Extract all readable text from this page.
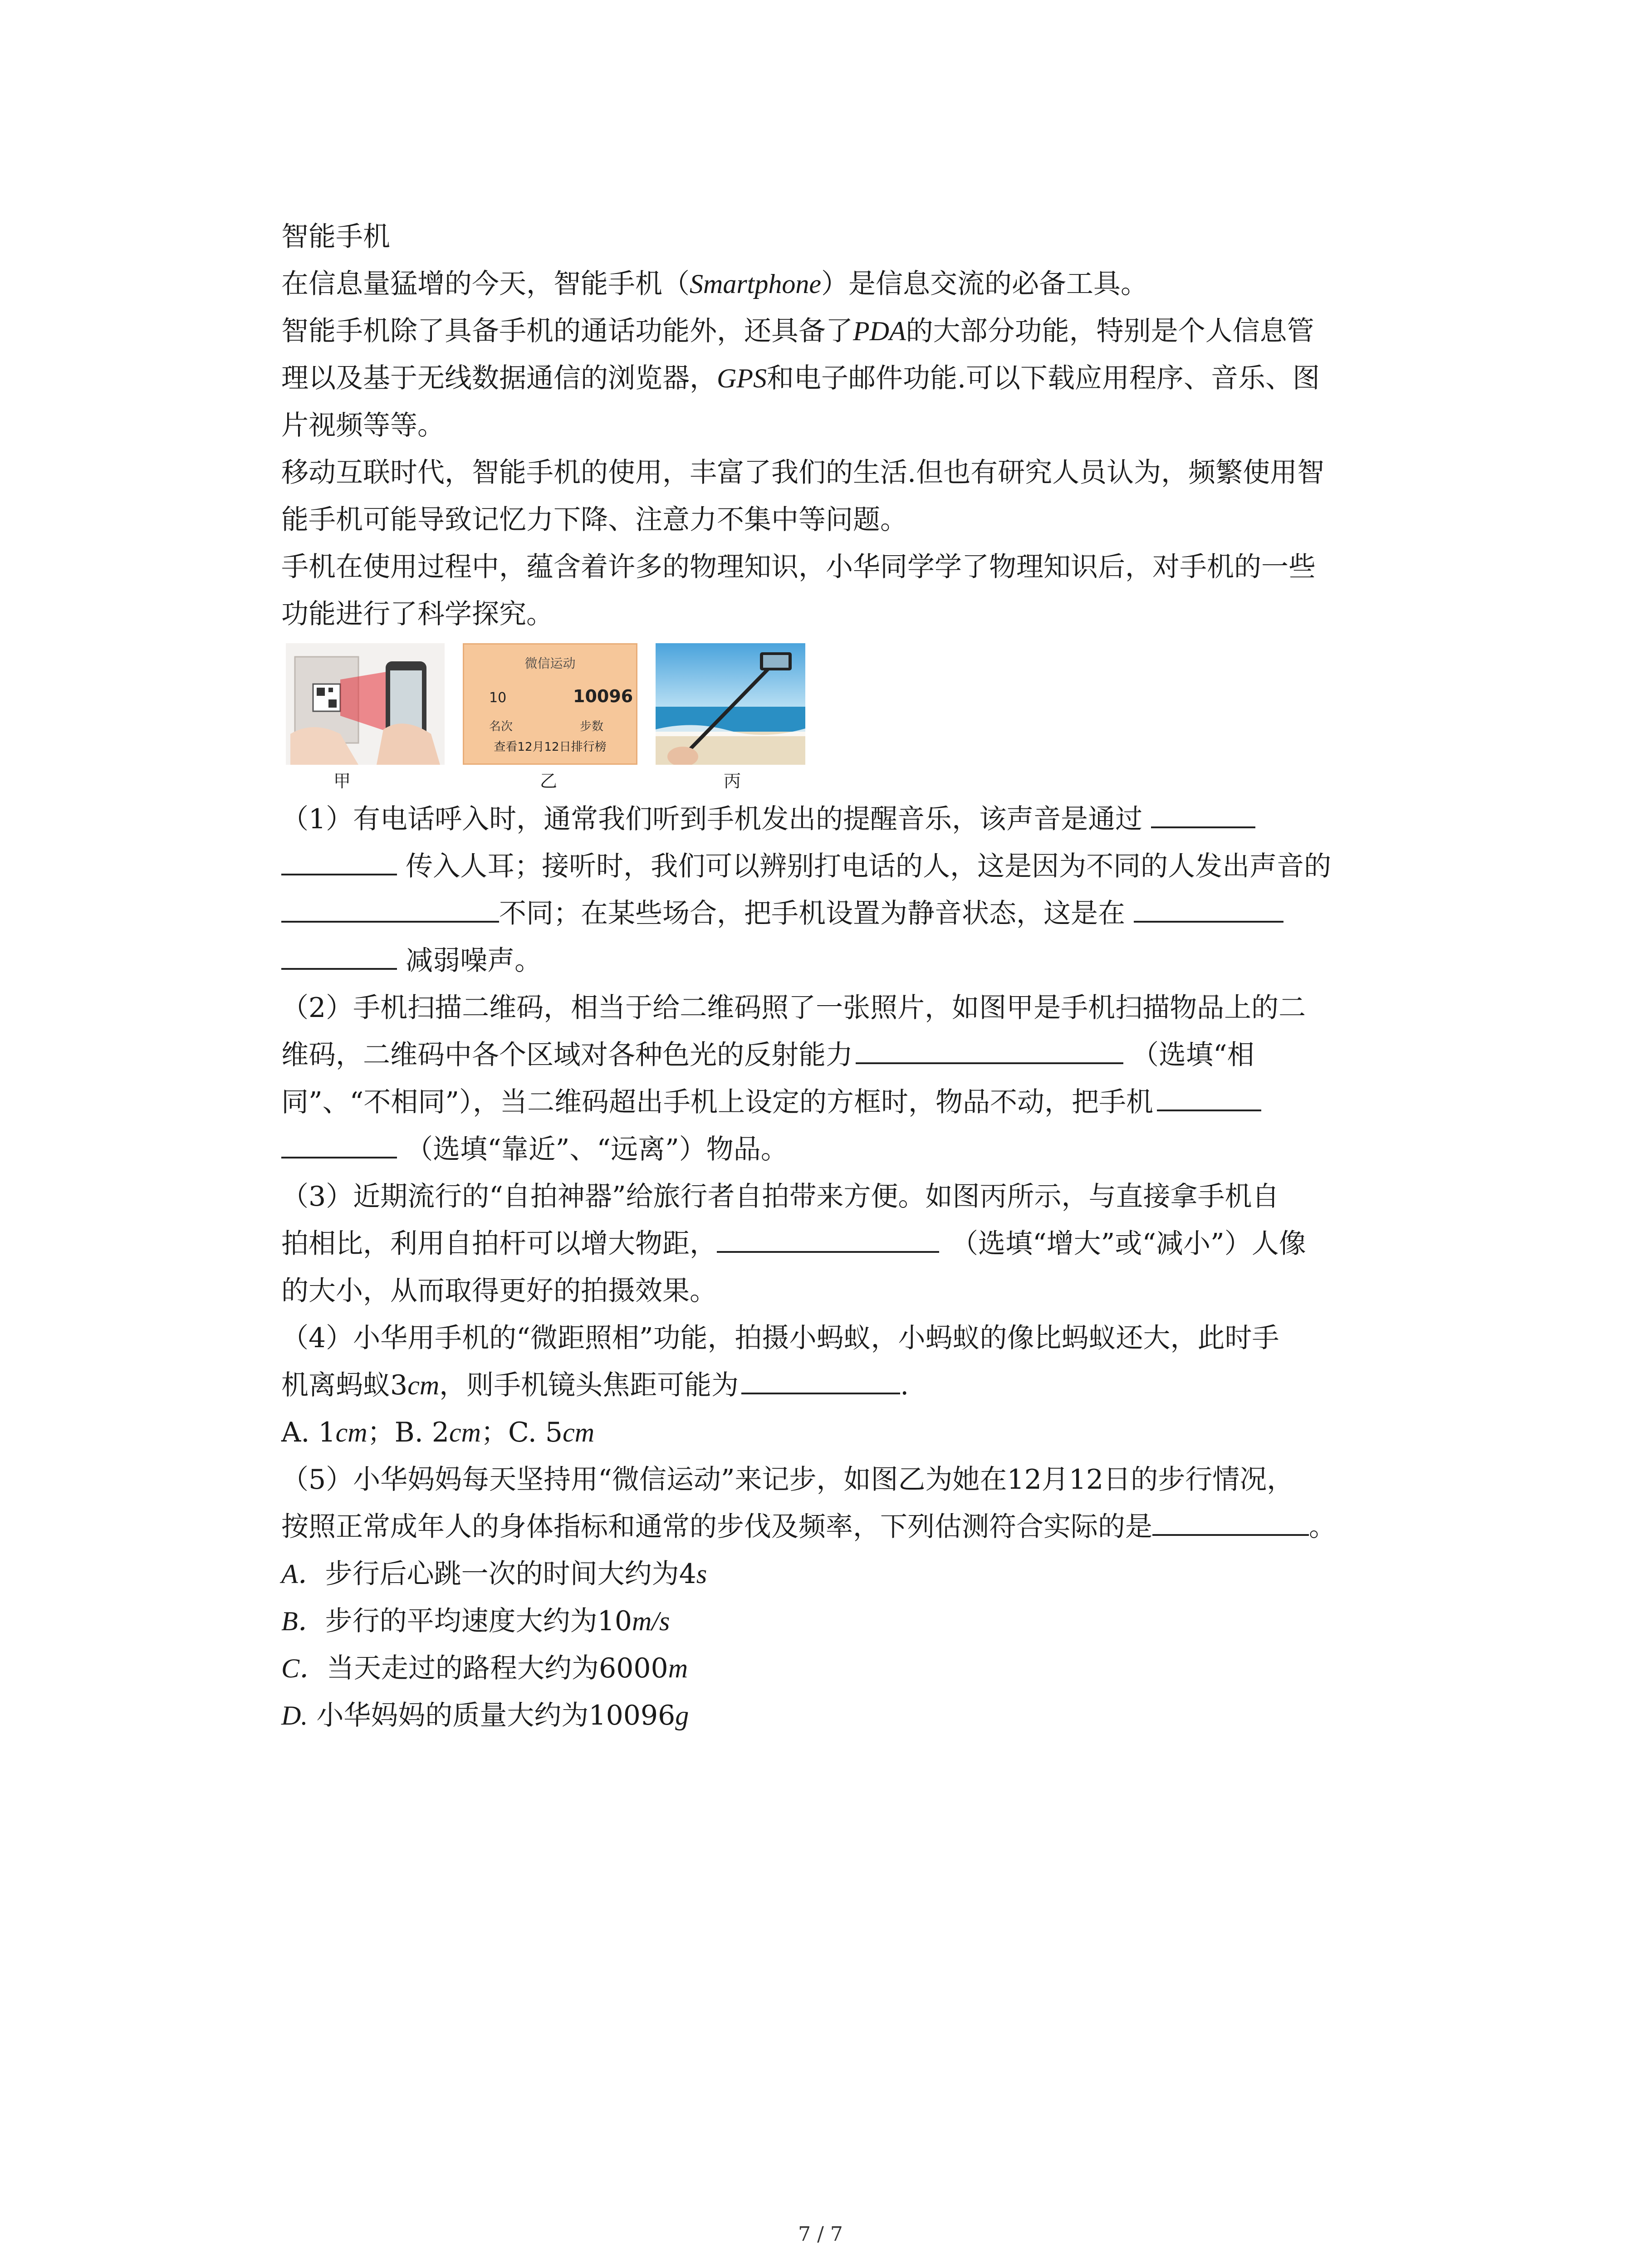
智能手机
在信息量猛增的今天，智能手机（Smartphone）是信息交流的必备工具。
智能手机除了具备手机的通话功能外，还具备了PDA的大部分功能，特别是个人信息管
理以及基于无线数据通信的浏览器，GPS和电子邮件功能.可以下载应用程序、音乐、图
片视频等等。
移动互联时代，智能手机的使用，丰富了我们的生活.但也有研究人员认为，频繁使用智
能手机可能导致记忆力下降、注意力不集中等问题。
手机在使用过程中，蕴含着许多的物理知识，小华同学学了物理知识后，对手机的一些
功能进行了科学探究。
甲
微信运动
10	10096
名次	步数
查看12月12日排行榜
乙	丙
（1）有电话呼入时，通常我们听到手机发出的提醒音乐，该声音是通过
传入人耳；接听时，我们可以辨别打电话的人，这是因为不同的人发出声音的
不同；在某些场合，把手机设置为静音状态，这是在
减弱噪声。
（2）手机扫描二维码，相当于给二维码照了一张照片，如图甲是手机扫描物品上的二
维码，二维码中各个区域对各种色光的反射能力	（选填“相
同”、“不相同”），当二维码超出手机上设定的方框时，物品不动，把手机
（选填“靠近”、“远离”）物品。
（3）近期流行的“自拍神器”给旅行者自拍带来方便。如图丙所示，与直接拿手机自
拍相比，利用自拍杆可以增大物距，	（选填“增大”或“减小”）人像
的大小，从而取得更好的拍摄效果。
（4）小华用手机的“微距照相”功能，拍摄小蚂蚁，小蚂蚁的像比蚂蚁还大，此时手
机离蚂蚁3cm，则手机镜头焦距可能为	.
A. 1cm；B. 2cm；C. 5cm
（5）小华妈妈每天坚持用“微信运动”来记步，如图乙为她在12月12日的步行情况，
按照正常成年人的身体指标和通常的步伐及频率，下列估测符合实际的是	。
A．步行后心跳一次的时间大约为4s
B．步行的平均速度大约为10m/s
C．当天走过的路程大约为6000m
D. 小华妈妈的质量大约为10096g
7 / 7
